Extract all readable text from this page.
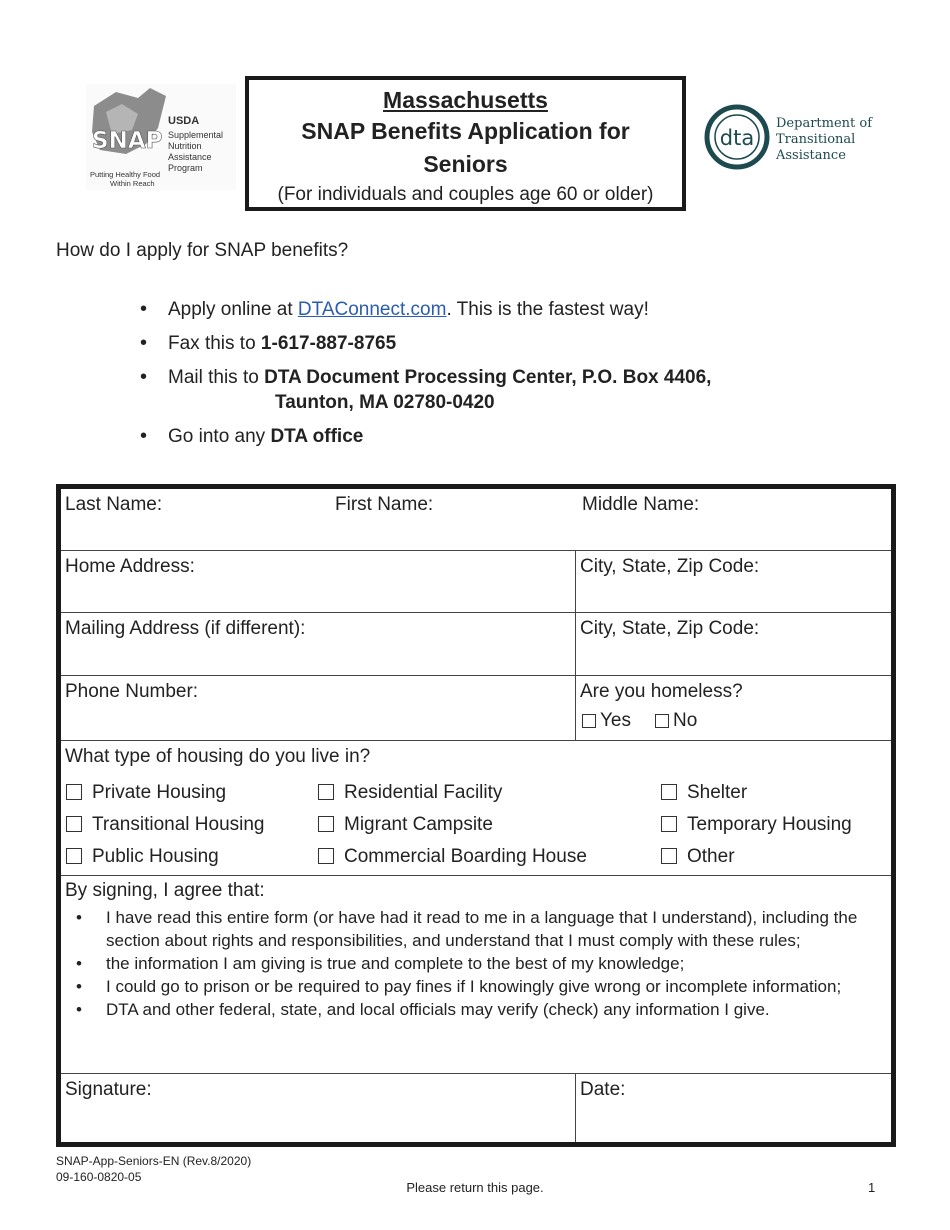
SNAP
USDA
Supplemental
Nutrition
Assistance
Program
Putting Healthy Food
Within Reach
Massachusetts
SNAP Benefits Application for Seniors
(For individuals and couples age 60 or older)
dta
Department of
Transitional
Assistance
How do I apply for SNAP benefits?
• Apply online at DTAConnect.com. This is the fastest way!
• Fax this to 1-617-887-8765
• Mail this to DTA Document Processing Center, P.O. Box 4406,
Taunton, MA 02780-0420
• Go into any DTA office
Last Name:	First Name:	Middle Name:
Home Address:	City, State, Zip Code:
Mailing Address (if different):	City, State, Zip Code:
Phone Number:	Are you homeless?
Yes	No
What type of housing do you live in?
Private Housing	Residential Facility	Shelter
Transitional Housing	Migrant Campsite	Temporary Housing
Public Housing	Commercial Boarding House	Other
By signing, I agree that:
• I have read this entire form (or have had it read to me in a language that I understand), including the section about rights and responsibilities, and understand that I must comply with these rules;
• the information I am giving is true and complete to the best of my knowledge;
• I could go to prison or be required to pay fines if I knowingly give wrong or incomplete information;
• DTA and other federal, state, and local officials may verify (check) any information I give.
Signature:	Date:
SNAP-App-Seniors-EN (Rev.8/2020)
09-160-0820-05
Please return this page.	1
